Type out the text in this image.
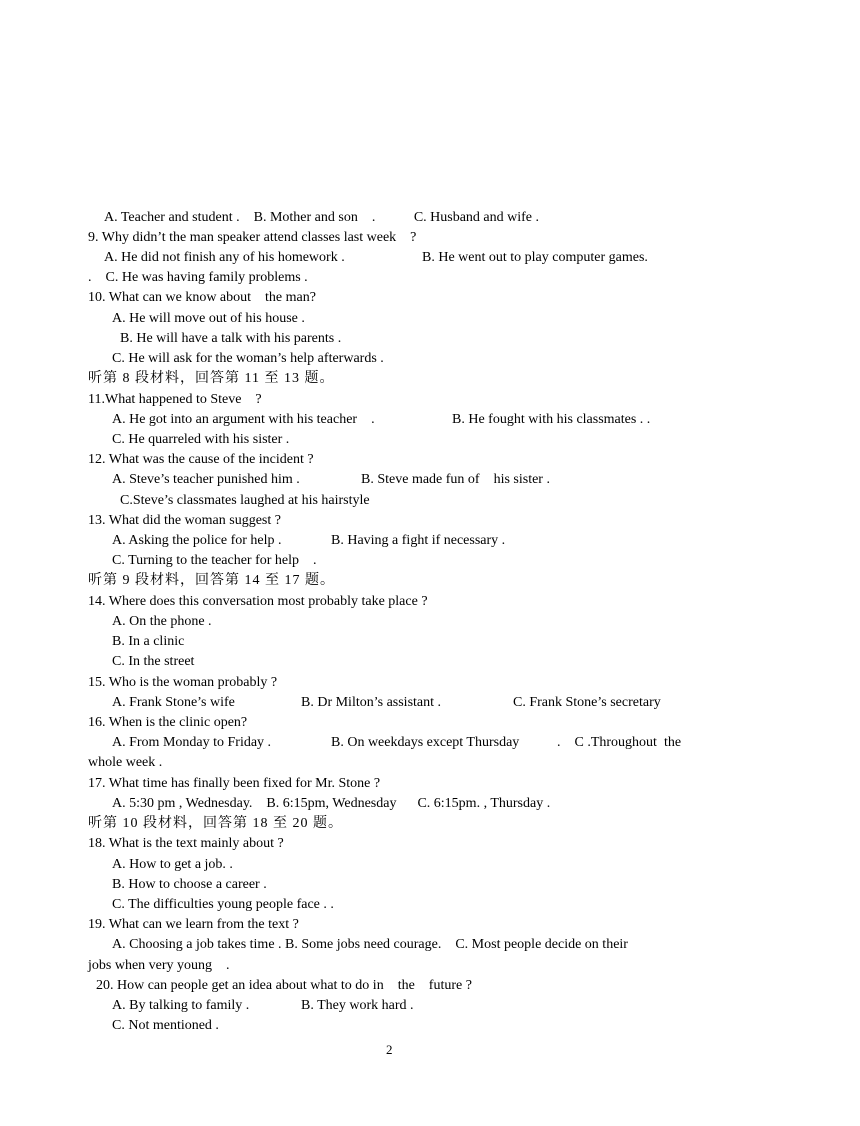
A. Teacher and student .    B. Mother and son    .           C. Husband and wife .
9. Why didn’t the man speaker attend classes last week    ?
A. He did not finish any of his homework .	B. He went out to play computer games.
.    C. He was having family problems .
10. What can we know about    the man?
A. He will move out of his house .
B. He will have a talk with his parents .
C. He will ask for the woman’s help afterwards .
听第 8 段材料，回答第 11 至 13 题。
11.What happened to Steve    ?
A. He got into an argument with his teacher    .	B. He fought with his classmates . .
C. He quarreled with his sister .
12. What was the cause of the incident ?
A. Steve’s teacher punished him .	B. Steve made fun of    his sister .
C.Steve’s classmates laughed at his hairstyle
13. What did the woman suggest ?
A. Asking the police for help .	B. Having a fight if necessary .
C. Turning to the teacher for help    .
听第 9 段材料，回答第 14 至 17 题。
14. Where does this conversation most probably take place ?
A. On the phone .
B. In a clinic
C. In the street
15. Who is the woman probably ?
A. Frank Stone’s wife	B. Dr Milton’s assistant .	C. Frank Stone’s secretary
16. When is the clinic open?
A. From Monday to Friday .	B. On weekdays except Thursday	.    C .Throughout  the
whole week .
17. What time has finally been fixed for Mr. Stone ?
A. 5:30 pm , Wednesday.    B. 6:15pm, Wednesday      C. 6:15pm. , Thursday .
听第 10 段材料，回答第 18 至 20 题。
18. What is the text mainly about ?
A. How to get a job. .
B. How to choose a career .
C. The difficulties young people face . .
19. What can we learn from the text ?
A. Choosing a job takes time . B. Some jobs need courage.    C. Most people decide on their
jobs when very young    .
20. How can people get an idea about what to do in    the    future ?
A. By talking to family .	B. They work hard .
C. Not mentioned .
2
